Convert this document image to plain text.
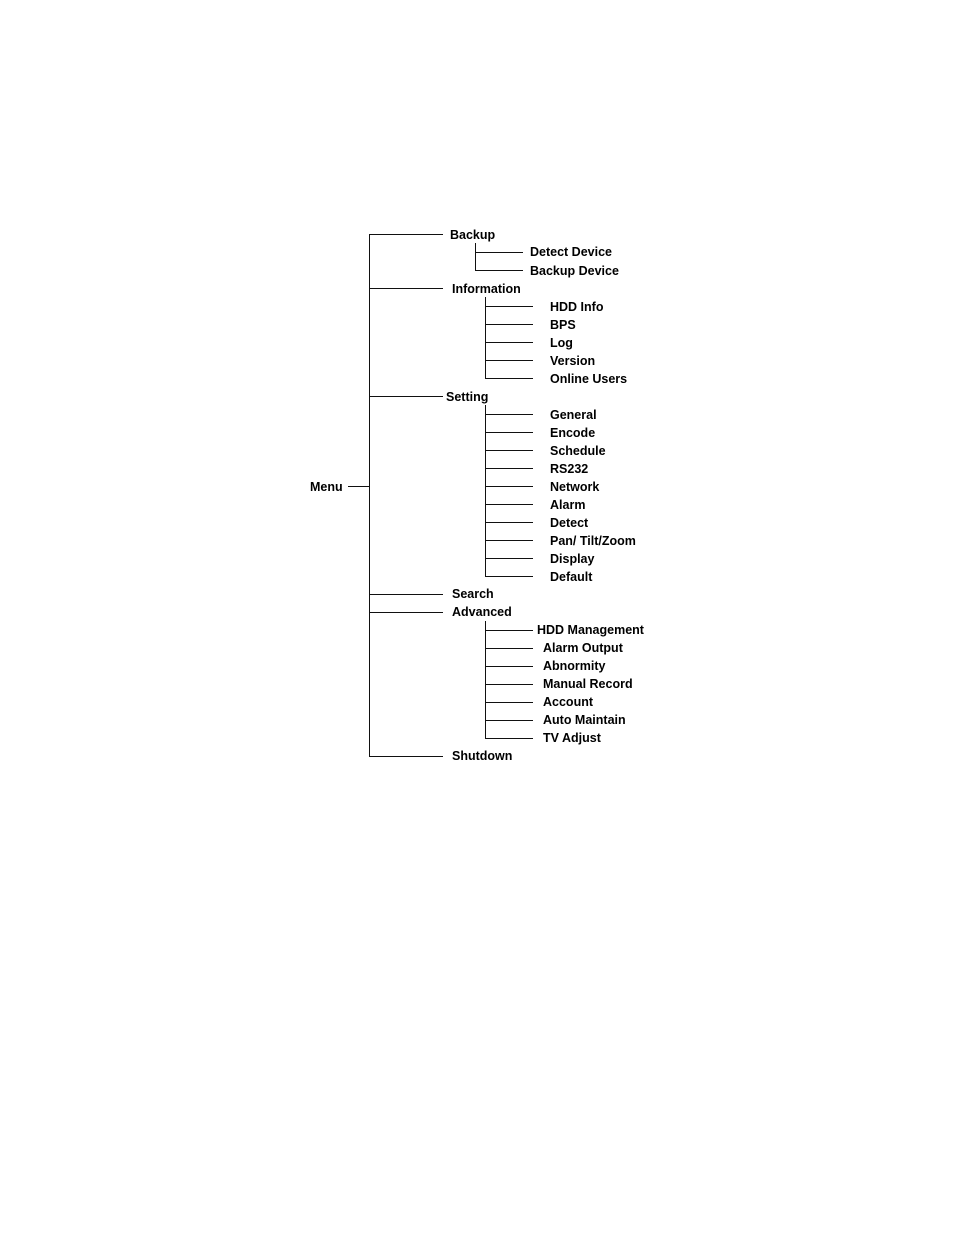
Menu
Backup
Detect Device
Backup Device
Information
HDD Info
BPS
Log
Version
Online Users
Setting
General
Encode
Schedule
RS232
Network
Alarm
Detect
Pan/ Tilt/Zoom
Display
Default
Search
Advanced
HDD Management
Alarm Output
Abnormity
Manual Record
Account
Auto Maintain
TV Adjust
Shutdown
